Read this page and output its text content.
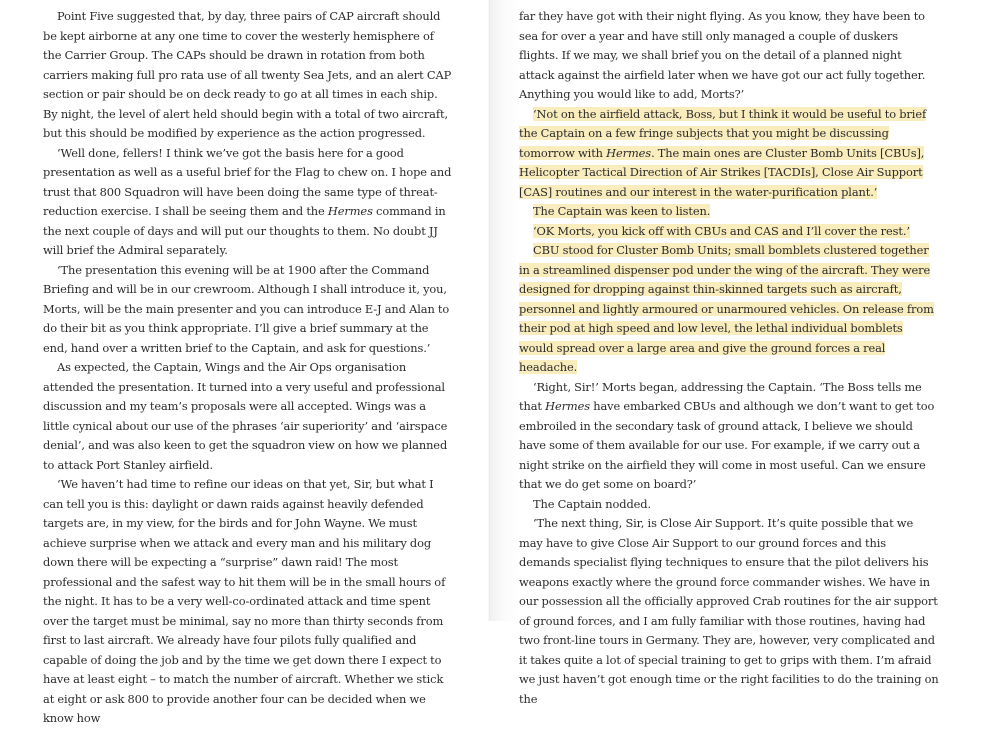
Point Five suggested that, by day, three pairs of CAP aircraft should be kept airborne at any one time to cover the westerly hemisphere of the Carrier Group. The CAPs should be drawn in rotation from both carriers making full pro rata use of all twenty Sea Jets, and an alert CAP section or pair should be on deck ready to go at all times in each ship. By night, the level of alert held should begin with a total of two aircraft, but this should be modified by experience as the action progressed.

‘Well done, fellers! I think we’ve got the basis here for a good presentation as well as a useful brief for the Flag to chew on. I hope and trust that 800 Squadron will have been doing the same type of threat-reduction exercise. I shall be seeing them and the Hermes command in the next couple of days and will put our thoughts to them. No doubt JJ will brief the Admiral separately.

‘The presentation this evening will be at 1900 after the Command Briefing and will be in our crewroom. Although I shall introduce it, you, Morts, will be the main presenter and you can introduce E-J and Alan to do their bit as you think appropriate. I’ll give a brief summary at the end, hand over a written brief to the Captain, and ask for questions.’

As expected, the Captain, Wings and the Air Ops organisation attended the presentation. It turned into a very useful and professional discussion and my team’s proposals were all accepted. Wings was a little cynical about our use of the phrases ‘air superiority’ and ‘airspace denial’, and was also keen to get the squadron view on how we planned to attack Port Stanley airfield.

‘We haven’t had time to refine our ideas on that yet, Sir, but what I can tell you is this: daylight or dawn raids against heavily defended targets are, in my view, for the birds and for John Wayne. We must achieve surprise when we attack and every man and his military dog down there will be expecting a “surprise” dawn raid! The most professional and the safest way to hit them will be in the small hours of the night. It has to be a very well-co-ordinated attack and time spent over the target must be minimal, say no more than thirty seconds from first to last aircraft. We already have four pilots fully qualified and capable of doing the job and by the time we get down there I expect to have at least eight – to match the number of aircraft. Whether we stick at eight or ask 800 to provide another four can be decided when we know how

far they have got with their night flying. As you know, they have been to sea for over a year and have still only managed a couple of duskers flights. If we may, we shall brief you on the detail of a planned night attack against the airfield later when we have got our act fully together. Anything you would like to add, Morts?’

‘Not on the airfield attack, Boss, but I think it would be useful to brief the Captain on a few fringe subjects that you might be discussing tomorrow with Hermes. The main ones are Cluster Bomb Units [CBUs], Helicopter Tactical Direction of Air Strikes [TACDIs], Close Air Support [CAS] routines and our interest in the water-purification plant.’

The Captain was keen to listen.

‘OK Morts, you kick off with CBUs and CAS and I’ll cover the rest.’

CBU stood for Cluster Bomb Units; small bomblets clustered together in a streamlined dispenser pod under the wing of the aircraft. They were designed for dropping against thin-skinned targets such as aircraft, personnel and lightly armoured or unarmoured vehicles. On release from their pod at high speed and low level, the lethal individual bomblets would spread over a large area and give the ground forces a real headache.

‘Right, Sir!’ Morts began, addressing the Captain. ‘The Boss tells me that Hermes have embarked CBUs and although we don’t want to get too embroiled in the secondary task of ground attack, I believe we should have some of them available for our use. For example, if we carry out a night strike on the airfield they will come in most useful. Can we ensure that we do get some on board?’

The Captain nodded.

‘The next thing, Sir, is Close Air Support. It’s quite possible that we may have to give Close Air Support to our ground forces and this demands specialist flying techniques to ensure that the pilot delivers his weapons exactly where the ground force commander wishes. We have in our possession all the officially approved Crab routines for the air support of ground forces, and I am fully familiar with those routines, having had two front-line tours in Germany. They are, however, very complicated and it takes quite a lot of special training to get to grips with them. I’m afraid we just haven’t got enough time or the right facilities to do the training on the
